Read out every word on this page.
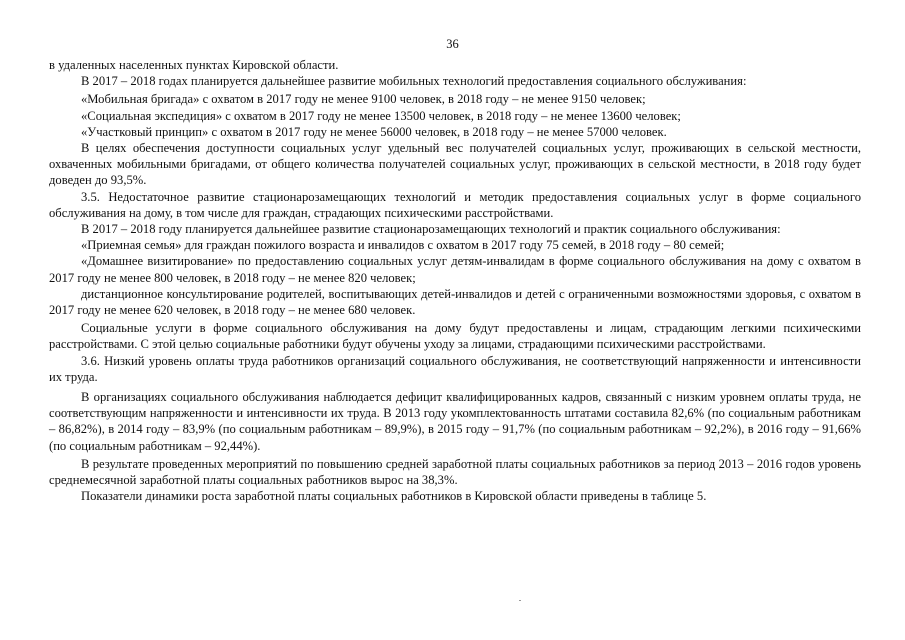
36

в удаленных населенных пунктах Кировской области.

В 2017 – 2018 годах планируется дальнейшее развитие мобильных технологий предоставления социального обслуживания:

«Мобильная бригада» с охватом в 2017 году не менее 9100 человек, в 2018 году – не менее 9150 человек;

«Социальная экспедиция» с охватом в 2017 году не менее 13500 человек, в 2018 году – не менее 13600 человек;

«Участковый принцип» с охватом в 2017 году не менее 56000 человек, в 2018 году – не менее 57000 человек.

В целях обеспечения доступности социальных услуг удельный вес получателей социальных услуг, проживающих в сельской местности, охваченных мобильными бригадами, от общего количества получателей социальных услуг, проживающих в сельской местности, в 2018 году будет доведен до 93,5%.

3.5. Недостаточное развитие стационарозамещающих технологий и методик предоставления социальных услуг в форме социального обслуживания на дому, в том числе для граждан, страдающих психическими расстройствами.

В 2017 – 2018 году планируется дальнейшее развитие стационарозамещающих технологий и практик социального обслуживания:

«Приемная семья» для граждан пожилого возраста и инвалидов с охватом в 2017 году 75 семей, в 2018 году – 80 семей;

«Домашнее визитирование» по предоставлению социальных услуг детям-инвалидам в форме социального обслуживания на дому с охватом в 2017 году не менее 800 человек, в 2018 году – не менее 820 человек;

дистанционное консультирование родителей, воспитывающих детей-инвалидов и детей с ограниченными возможностями здоровья, с охватом в 2017 году не менее 620 человек, в 2018 году – не менее 680 человек.

Социальные услуги в форме социального обслуживания на дому будут предоставлены и лицам, страдающим легкими психическими расстройствами. С этой целью социальные работники будут обучены уходу за лицами, страдающими психическими расстройствами.

3.6. Низкий уровень оплаты труда работников организаций социального обслуживания, не соответствующий напряженности и интенсивности их труда.

В организациях социального обслуживания наблюдается дефицит квалифицированных кадров, связанный с низким уровнем оплаты труда, не соответствующим напряженности и интенсивности их труда. В 2013 году укомплектованность штатами составила 82,6% (по социальным работникам – 86,82%), в 2014 году – 83,9% (по социальным работникам – 89,9%), в 2015 году – 91,7% (по социальным работникам – 92,2%), в 2016 году – 91,66% (по социальным работникам – 92,44%).

В результате проведенных мероприятий по повышению средней заработной платы социальных работников за период 2013 – 2016 годов уровень среднемесячной заработной платы социальных работников вырос на 38,3%.

Показатели динамики роста заработной платы социальных работников в Кировской области приведены в таблице 5.
